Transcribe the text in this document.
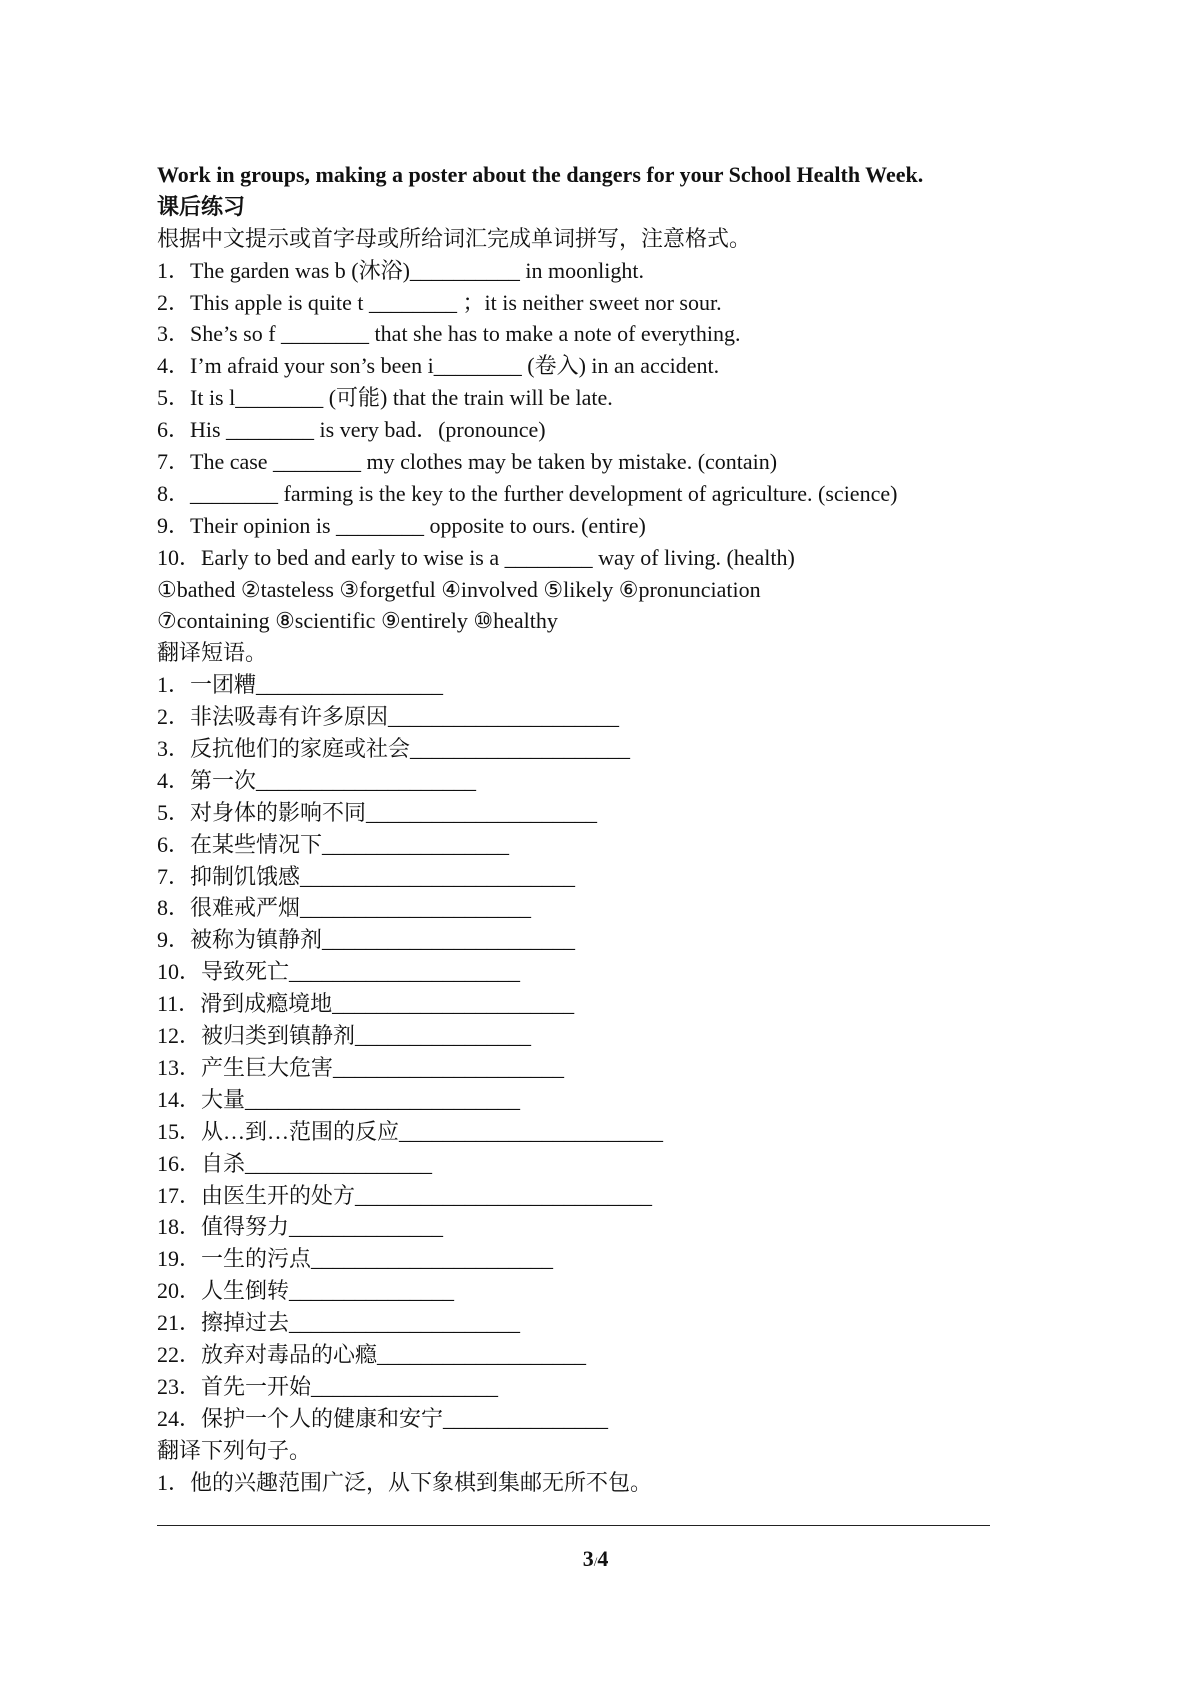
Work in groups, making a poster about the dangers for your School Health Week.
课后练习
根据中文提示或首字母或所给词汇完成单词拼写，注意格式。
1．The garden was b (沐浴)__________ in moonlight.
2．This apple is quite t ________ ；it is neither sweet nor sour.
3．She’s so f ________ that she has to make a note of everything.
4．I’m afraid your son’s been i________ (卷入) in an accident.
5．It is l________ (可能) that the train will be late.
6．His ________ is very bad．(pronounce)
7．The case ________ my clothes may be taken by mistake. (contain)
8．________ farming is the key to the further development of agriculture. (science)
9．Their opinion is ________ opposite to ours. (entire)
10．Early to bed and early to wise is a ________ way of living. (health)
①bathed ②tasteless ③forgetful ④involved ⑤likely ⑥pronunciation
⑦containing ⑧scientific ⑨entirely ⑩healthy
翻译短语。
1．一团糟_________________
2．非法吸毒有许多原因_____________________
3．反抗他们的家庭或社会____________________
4．第一次____________________
5．对身体的影响不同_____________________
6．在某些情况下_________________
7．抑制饥饿感_________________________
8．很难戒严烟_____________________
9．被称为镇静剂_______________________
10．导致死亡_____________________
11．滑到成瘾境地______________________
12．被归类到镇静剂________________
13．产生巨大危害_____________________
14．大量_________________________
15．从…到…范围的反应________________________
16．自杀_________________
17．由医生开的处方___________________________
18．值得努力______________
19．一生的污点______________________
20．人生倒转_______________
21．擦掉过去_____________________
22．放弃对毒品的心瘾___________________
23．首先一开始_________________
24．保护一个人的健康和安宁_______________
翻译下列句子。
1．他的兴趣范围广泛，从下象棋到集邮无所不包。
3/4
